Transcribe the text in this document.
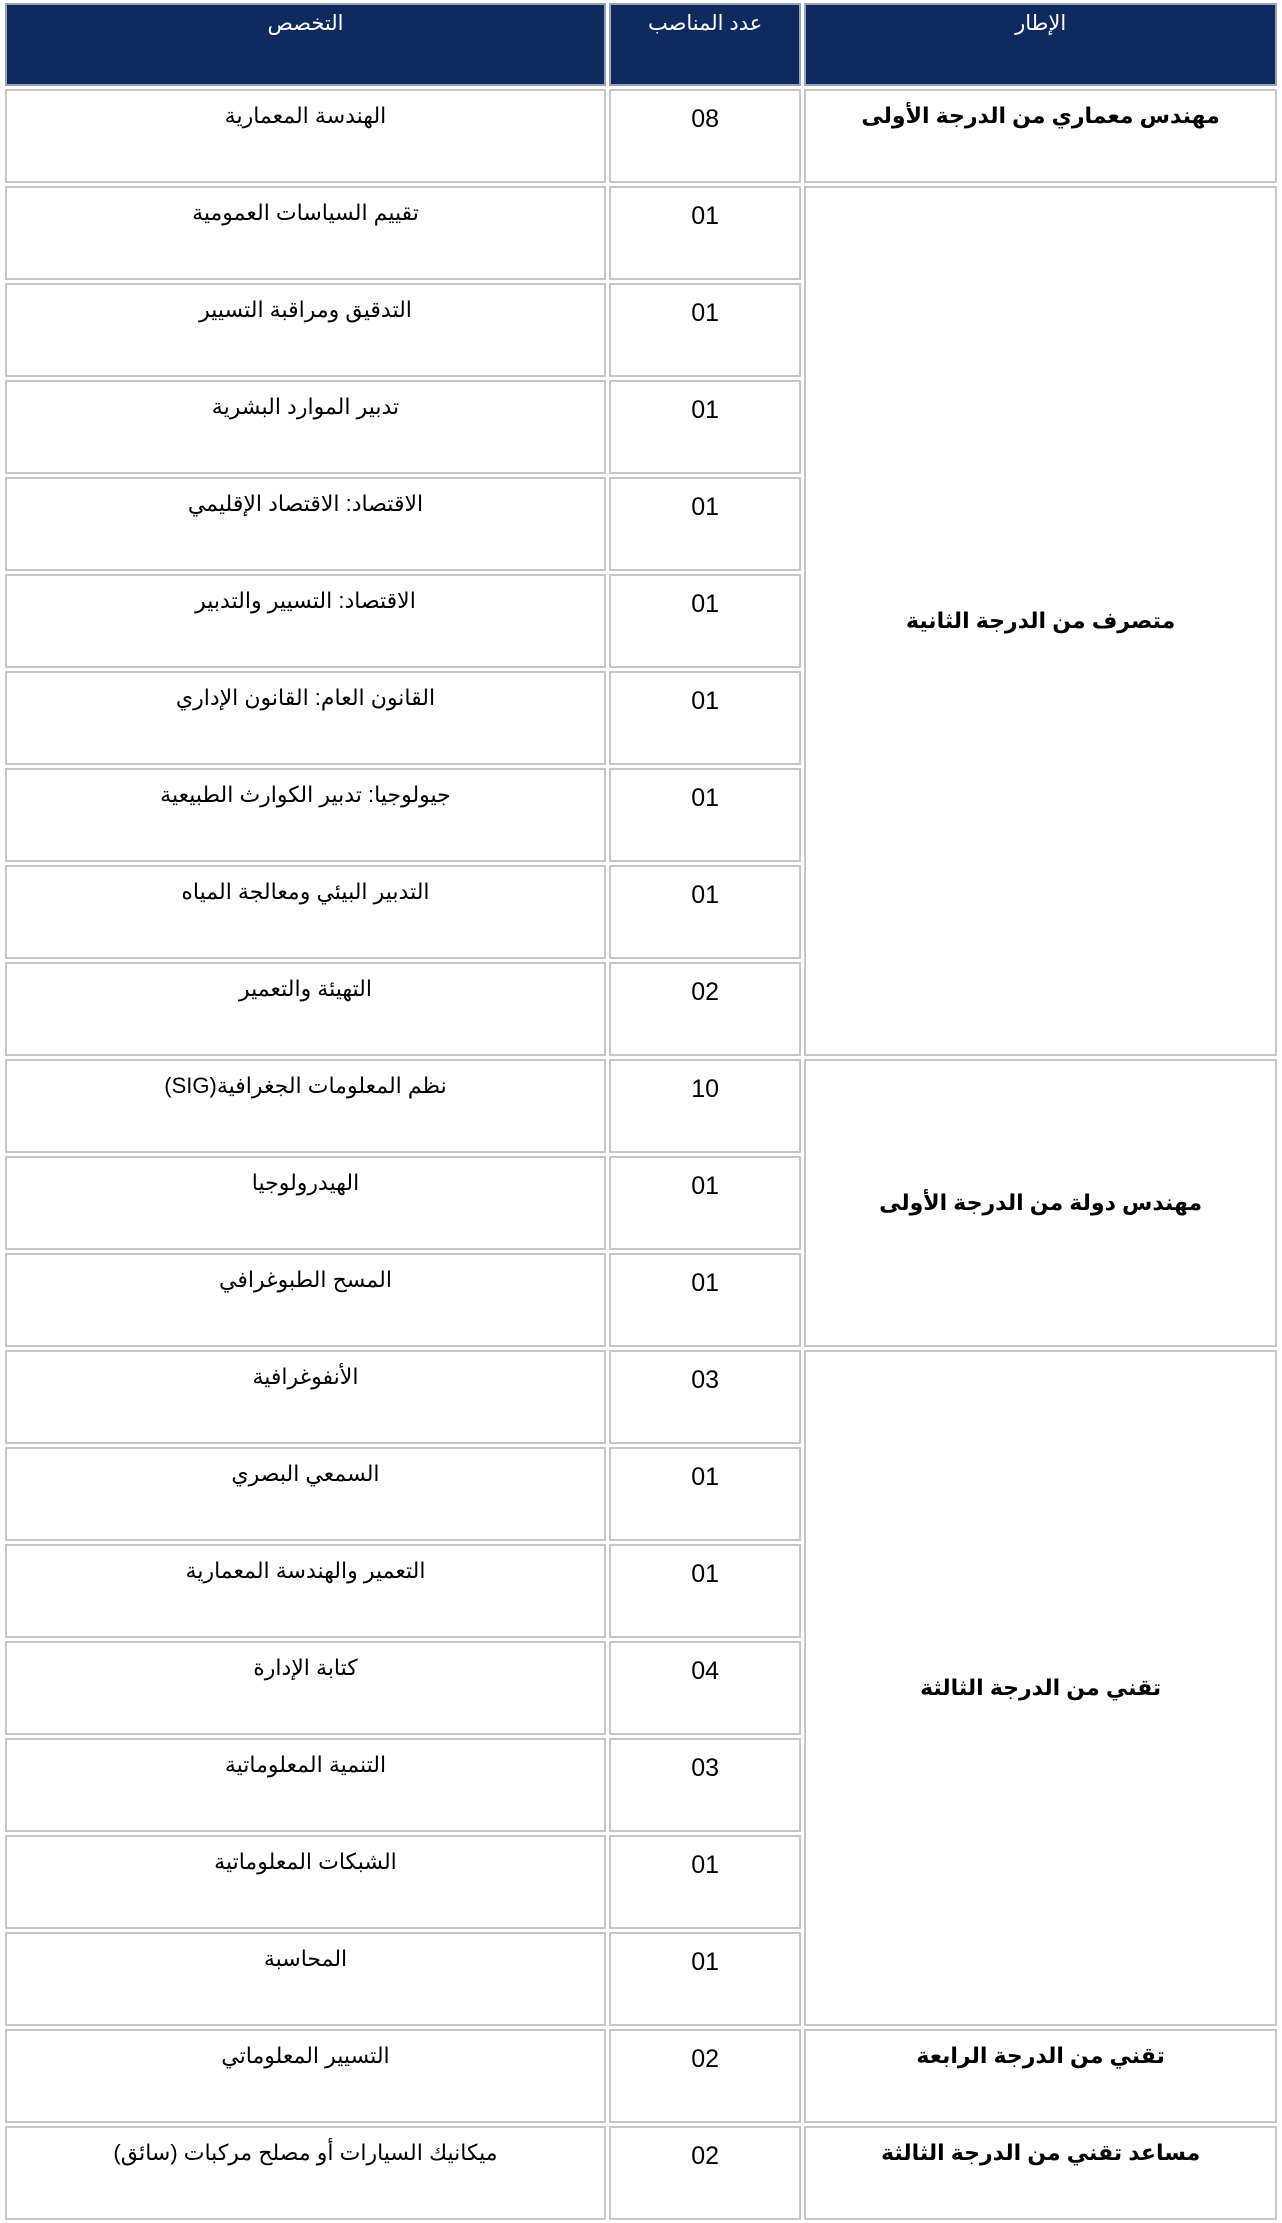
الإطار	عدد المناصب	التخصص
مهندس معماري من الدرجة الأولى	08	الهندسة المعمارية
متصرف من الدرجة الثانية	01	تقييم السياسات العمومية
	01	التدقيق ومراقبة التسيير
	01	تدبير الموارد البشرية
	01	الاقتصاد: الاقتصاد الإقليمي
	01	الاقتصاد: التسيير والتدبير
	01	القانون العام: القانون الإداري
	01	جيولوجيا: تدبير الكوارث الطبيعية
	01	التدبير البيئي ومعالجة المياه
	02	التهيئة والتعمير
مهندس دولة من الدرجة الأولى	10	نظم المعلومات الجغرافية(SIG)
	01	الهيدرولوجيا
	01	المسح الطبوغرافي
تقني من الدرجة الثالثة	03	الأنفوغرافية
	01	السمعي البصري
	01	التعمير والهندسة المعمارية
	04	كتابة الإدارة
	03	التنمية المعلوماتية
	01	الشبكات المعلوماتية
	01	المحاسبة
تقني من الدرجة الرابعة	02	التسيير المعلوماتي
مساعد تقني من الدرجة الثالثة	02	ميكانيك السيارات أو مصلح مركبات (سائق)
